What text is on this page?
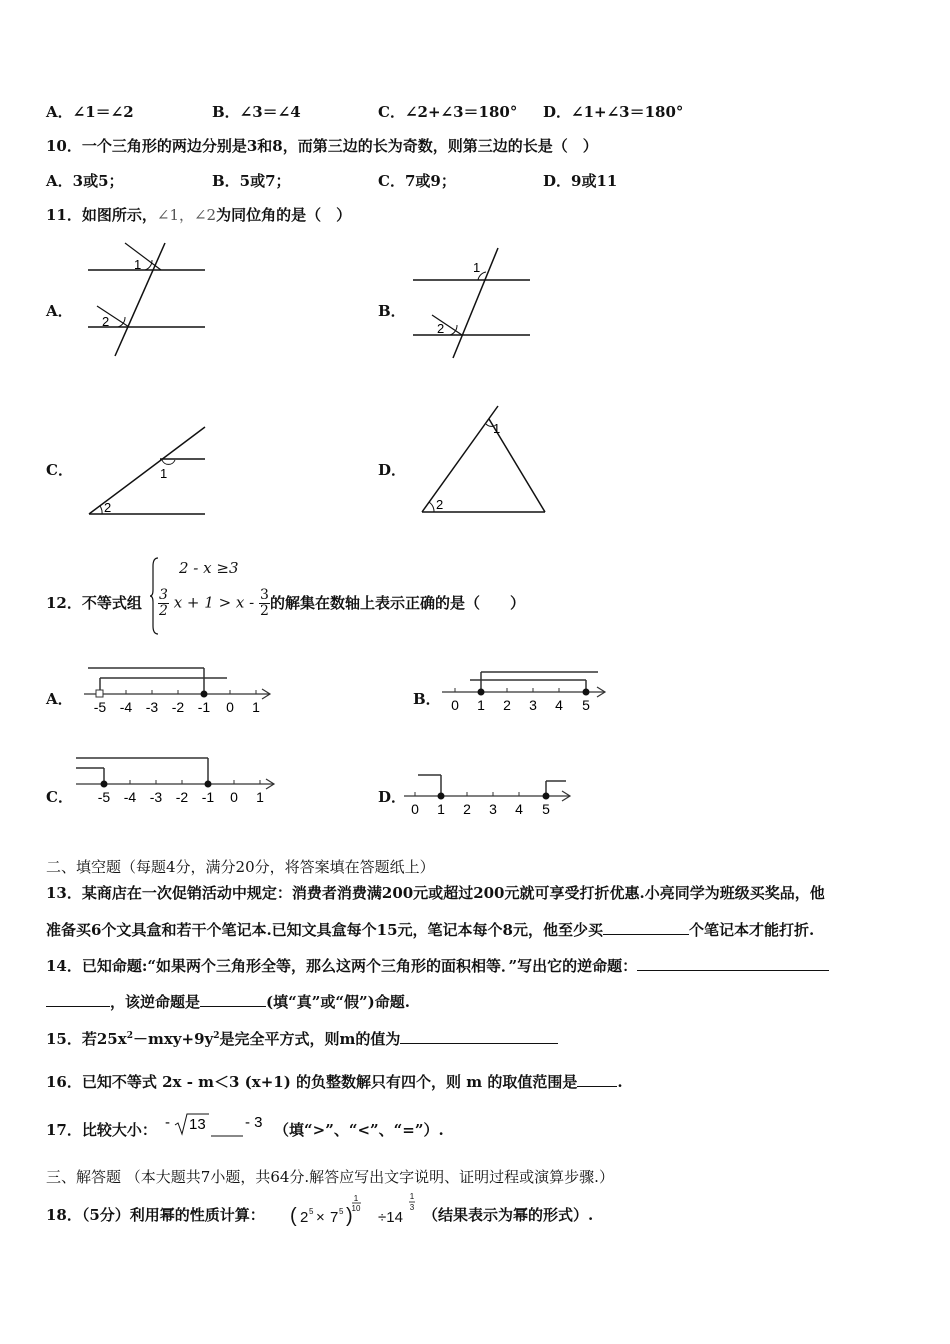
A．∠1＝∠2	B．∠3＝∠4	C．∠2+∠3＝180° D．∠1+∠3＝180°
10．一个三角形的两边分别是3和8，而第三边的长为奇数，则第三边的长是（　）
A．3或5；	B．5或7；	C．7或9；	D．9或11
11．如图所示，∠1，∠2为同位角的是（　）
A．	B．
C．	D．
1
2
1
2
1
2
1
2
12．不等式组
2 - x ≥3
$\frac{3}{2}$ $x + 1 > x - \frac{3}{2}$ 的解集在数轴上表示正确的是（　　）
A．	B．
C．	D．
-5 -4 -3 -2 -1 0 1	0 1 2 3 4 5
-5 -4 -3 -2 -1 0 1
0 1 2 3 4 5
二、填空题（每题4分，满分20分，将答案填在答题纸上）
13．某商店在一次促销活动中规定：消费者消费满200元或超过200元就可享受打折优惠.小亮同学为班级买奖品，他
准备买6个文具盒和若干个笔记本.已知文具盒每个15元，笔记本每个8元，他至少买	个笔记本才能打折.
14．已知命题:“如果两个三角形全等，那么这两个三角形的面积相等．”写出它的逆命题：
，该逆命题是	(填“真”或“假”)命题.
15．若$25x^2-mxy+9y^2$是完全平方式，则m的值为
16．已知不等式 2x - m＜3 (x+1) 的负整数解只有四个，则 m 的取值范围是	.
17．比较大小： - 13	- 3 （填“>”、“<”、“=”）.
三、解答题 （本大题共7小题，共64分.解答应写出文字说明、证明过程或演算步骤.）
18．（5分）利用幂的性质计算： ( 2 5 × 7 5 )
1
10
÷14
1
3 （结果表示为幂的形式）.
